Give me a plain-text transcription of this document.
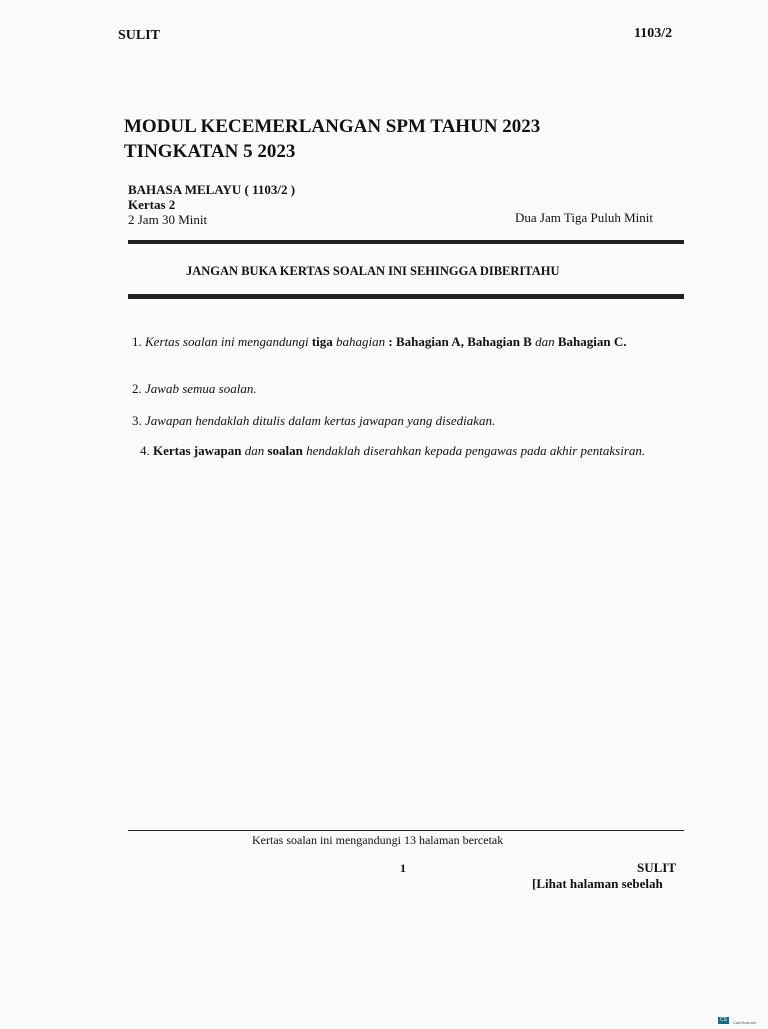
SULIT	1103/2
MODUL KECEMERLANGAN SPM TAHUN 2023
TINGKATAN 5 2023
BAHASA MELAYU ( 1103/2 )
Kertas 2
2 Jam 30 Minit	Dua Jam Tiga Puluh Minit
JANGAN BUKA KERTAS SOALAN INI SEHINGGA DIBERITAHU
1. Kertas soalan ini mengandungi tiga bahagian : Bahagian A, Bahagian B dan Bahagian C.
2. Jawab semua soalan.
3. Jawapan hendaklah ditulis dalam kertas jawapan yang disediakan.
4. Kertas jawapan dan soalan hendaklah diserahkan kepada pengawas pada akhir pentaksiran.
Kertas soalan ini mengandungi 13 halaman bercetak
1	SULIT
[Lihat halaman sebelah
CS CamScanner
